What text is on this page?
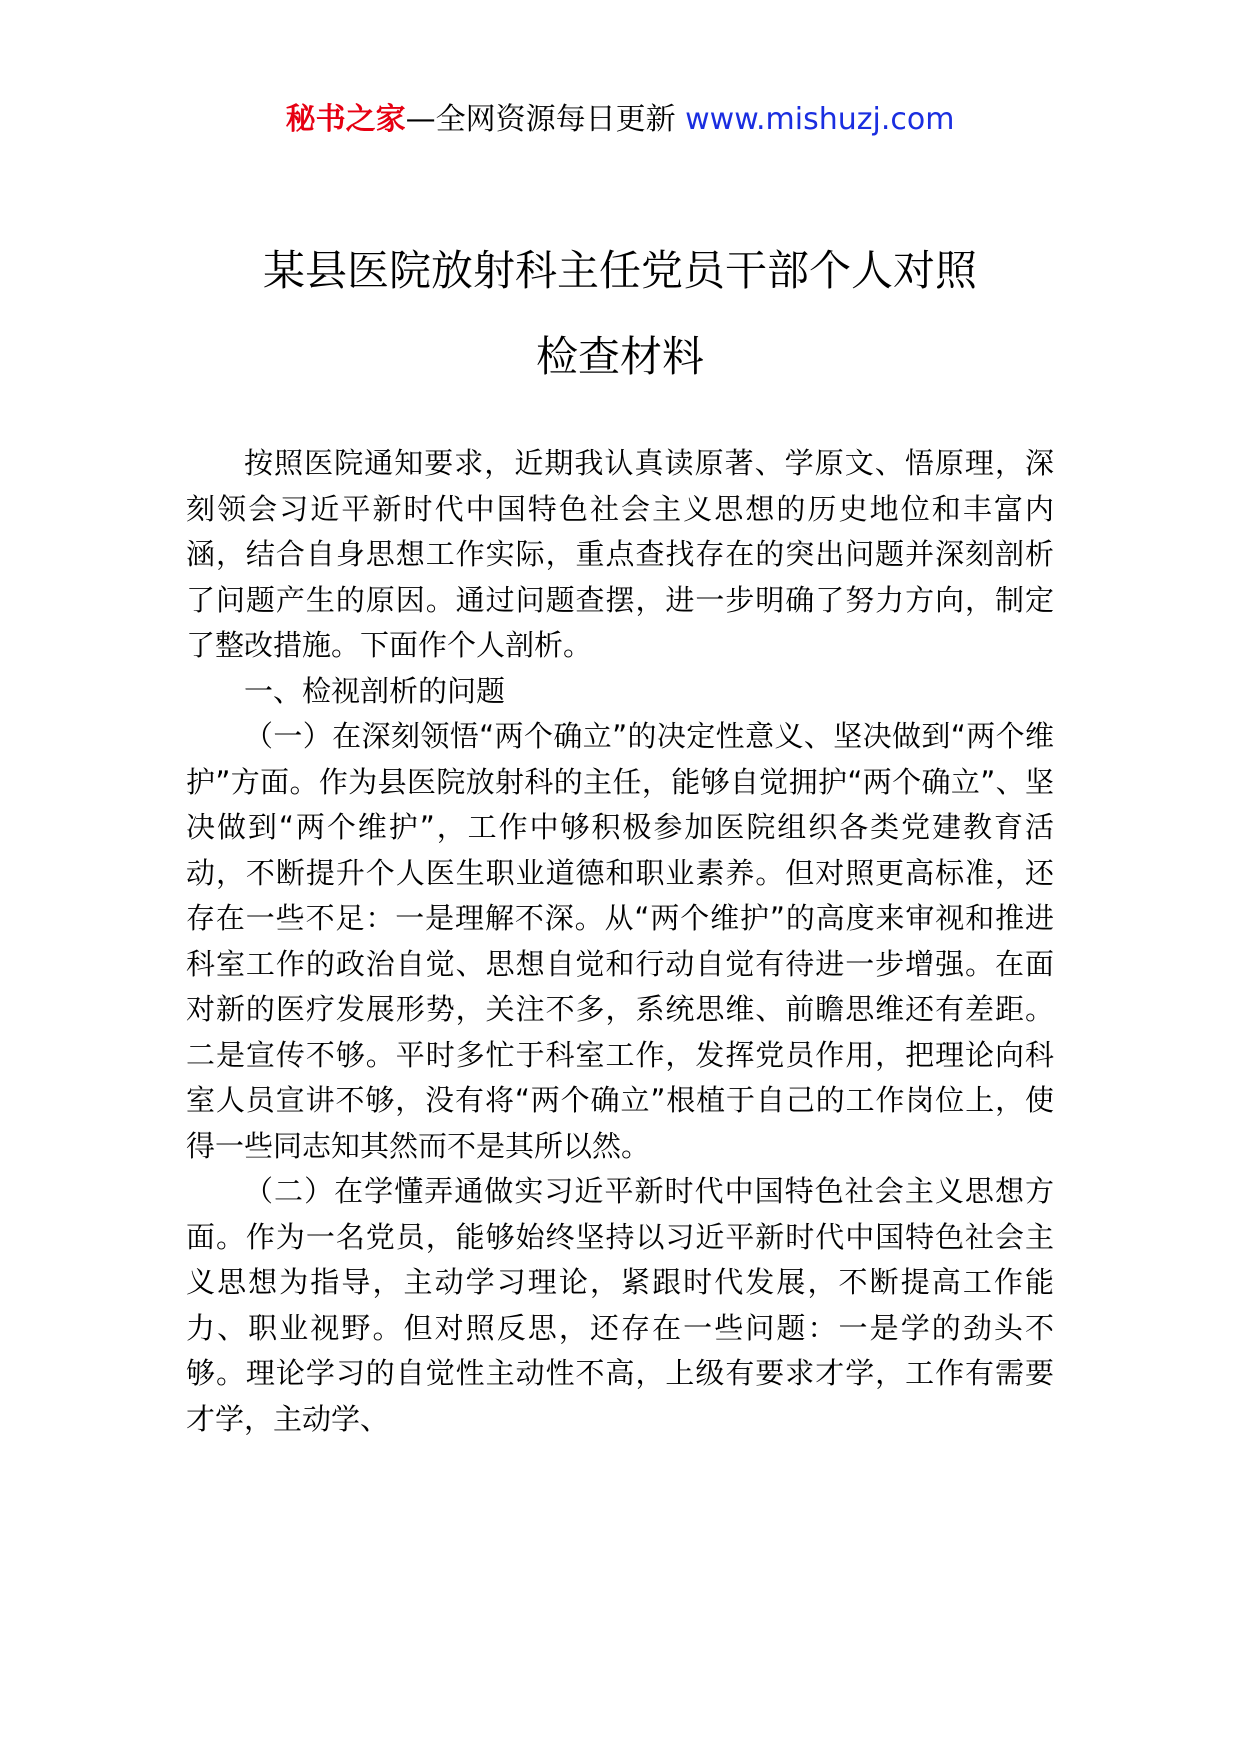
秘书之家—全网资源每日更新 www.mishuzj.com
某县医院放射科主任党员干部个人对照
检查材料

按照医院通知要求，近期我认真读原著、学原文、悟原理，深刻领会习近平新时代中国特色社会主义思想的历史地位和丰富内涵，结合自身思想工作实际，重点查找存在的突出问题并深刻剖析了问题产生的原因。通过问题查摆，进一步明确了努力方向，制定了整改措施。下面作个人剖析。

一、检视剖析的问题

（一）在深刻领悟“两个确立”的决定性意义、坚决做到“两个维护”方面。作为县医院放射科的主任，能够自觉拥护“两个确立”、坚决做到“两个维护”，工作中够积极参加医院组织各类党建教育活动，不断提升个人医生职业道德和职业素养。但对照更高标准，还存在一些不足：一是理解不深。从“两个维护”的高度来审视和推进科室工作的政治自觉、思想自觉和行动自觉有待进一步增强。在面对新的医疗发展形势，关注不多，系统思维、前瞻思维还有差距。二是宣传不够。平时多忙于科室工作，发挥党员作用，把理论向科室人员宣讲不够，没有将“两个确立”根植于自己的工作岗位上，使得一些同志知其然而不是其所以然。

（二）在学懂弄通做实习近平新时代中国特色社会主义思想方面。作为一名党员，能够始终坚持以习近平新时代中国特色社会主义思想为指导，主动学习理论，紧跟时代发展，不断提高工作能力、职业视野。但对照反思，还存在一些问题：一是学的劲头不够。理论学习的自觉性主动性不高，上级有要求才学，工作有需要才学，主动学、
